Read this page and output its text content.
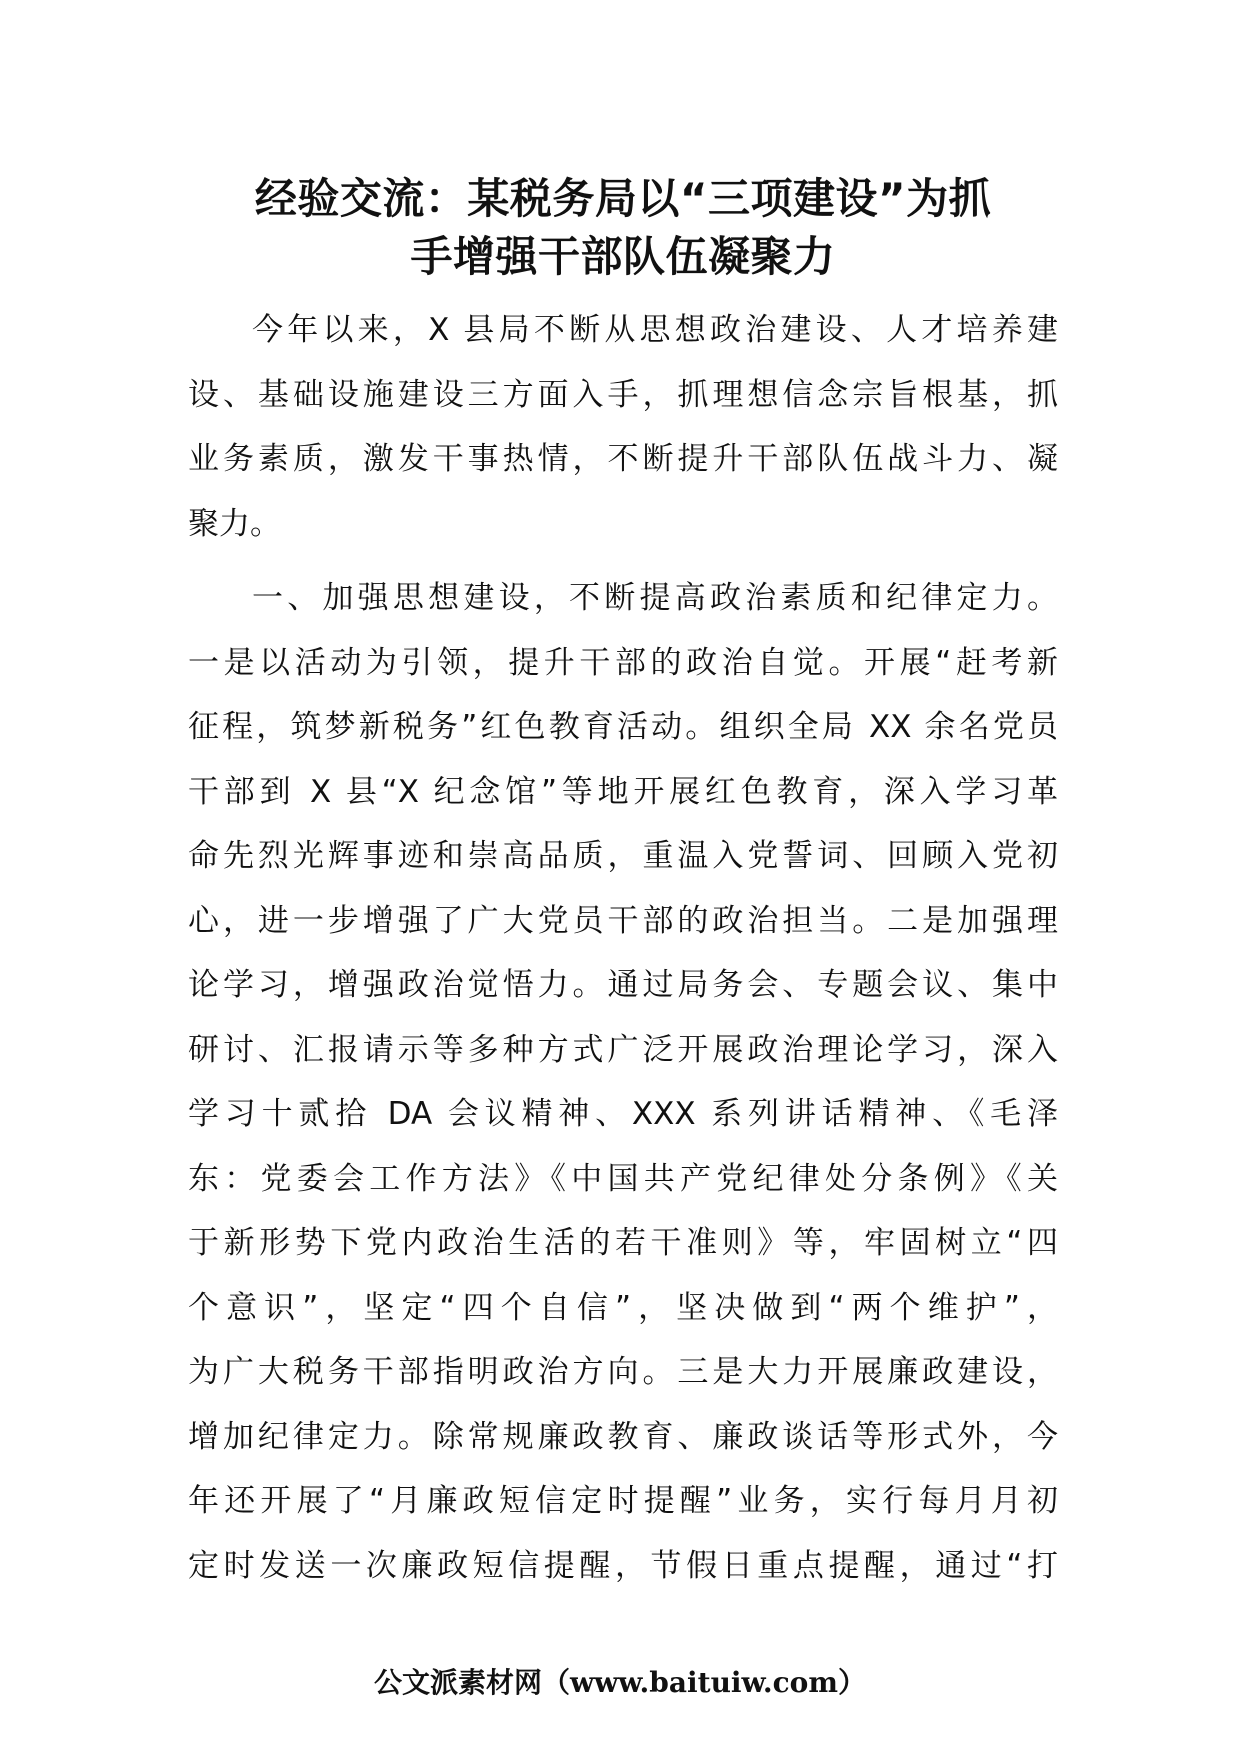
经验交流：某税务局以“三项建设”为抓
手增强干部队伍凝聚力
今年以来，X 县局不断从思想政治建设、人才培养建
设、基础设施建设三方面入手，抓理想信念宗旨根基，抓
业务素质，激发干事热情，不断提升干部队伍战斗力、凝
聚力。
一、加强思想建设，不断提高政治素质和纪律定力。
一是以活动为引领，提升干部的政治自觉。开展“赶考新
征程，筑梦新税务”红色教育活动。组织全局 XX 余名党员
干部到 X 县“X 纪念馆”等地开展红色教育，深入学习革
命先烈光辉事迹和崇高品质，重温入党誓词、回顾入党初
心，进一步增强了广大党员干部的政治担当。二是加强理
论学习，增强政治觉悟力。通过局务会、专题会议、集中
研讨、汇报请示等多种方式广泛开展政治理论学习，深入
学习十贰拾 DA 会议精神、XXX 系列讲话精神、《毛泽
东：党委会工作方法》《中国共产党纪律处分条例》《关
于新形势下党内政治生活的若干准则》等，牢固树立“四
个意识”，坚定“四个自信”，坚决做到“两个维护”，
为广大税务干部指明政治方向。三是大力开展廉政建设，
增加纪律定力。除常规廉政教育、廉政谈话等形式外，今
年还开展了“月廉政短信定时提醒”业务，实行每月月初
定时发送一次廉政短信提醒，节假日重点提醒，通过“打
公文派素材网（www.baituiw.com）
